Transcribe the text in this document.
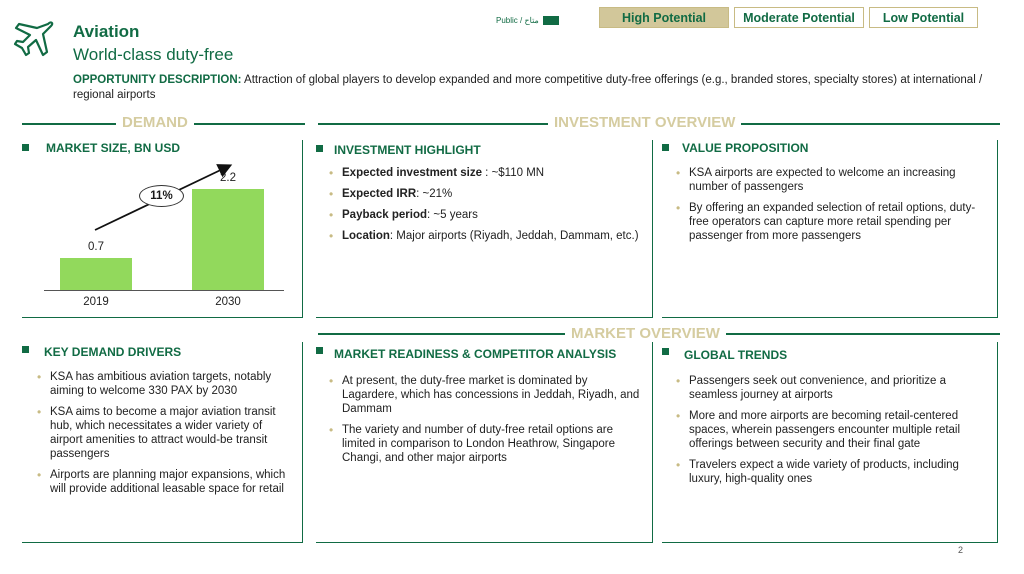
Aviation
World-class duty-free
Public / متاح	High Potential	Moderate Potential	Low Potential
OPPORTUNITY DESCRIPTION: Attraction of global players to develop expanded and more competitive duty-free offerings (e.g., branded stores, specialty stores) at international / regional airports
DEMAND	INVESTMENT OVERVIEW
MARKET OVERVIEW
MARKET SIZE, BN USD
0.7
2019
2.2
2030
11%
INVESTMENT HIGHLIGHT
• Expected investment size : ~$110 MN
• Expected IRR: ~21%
• Payback period: ~5 years
• Location: Major airports (Riyadh, Jeddah, Dammam, etc.)
VALUE PROPOSITION
• KSA airports are expected to welcome an increasing number of passengers
• By offering an expanded selection of retail options, duty-free operators can capture more retail spending per passenger from more passengers
KEY DEMAND DRIVERS
• KSA has ambitious aviation targets, notably aiming to welcome 330 PAX by 2030
• KSA aims to become a major aviation transit hub, which necessitates a wider variety of airport amenities to attract would-be transit passengers
• Airports are planning major expansions, which will provide additional leasable space for retail
MARKET READINESS & COMPETITOR ANALYSIS
• At present, the duty-free market is dominated by Lagardere, which has concessions in Jeddah, Riyadh, and Dammam
• The variety and number of duty-free retail options are limited in comparison to London Heathrow, Singapore Changi, and other major airports
GLOBAL TRENDS
• Passengers seek out convenience, and prioritize a seamless journey at airports
• More and more airports are becoming retail-centered spaces, wherein passengers encounter multiple retail offerings between security and their final gate
• Travelers expect a wide variety of products, including luxury, high-quality ones
2
